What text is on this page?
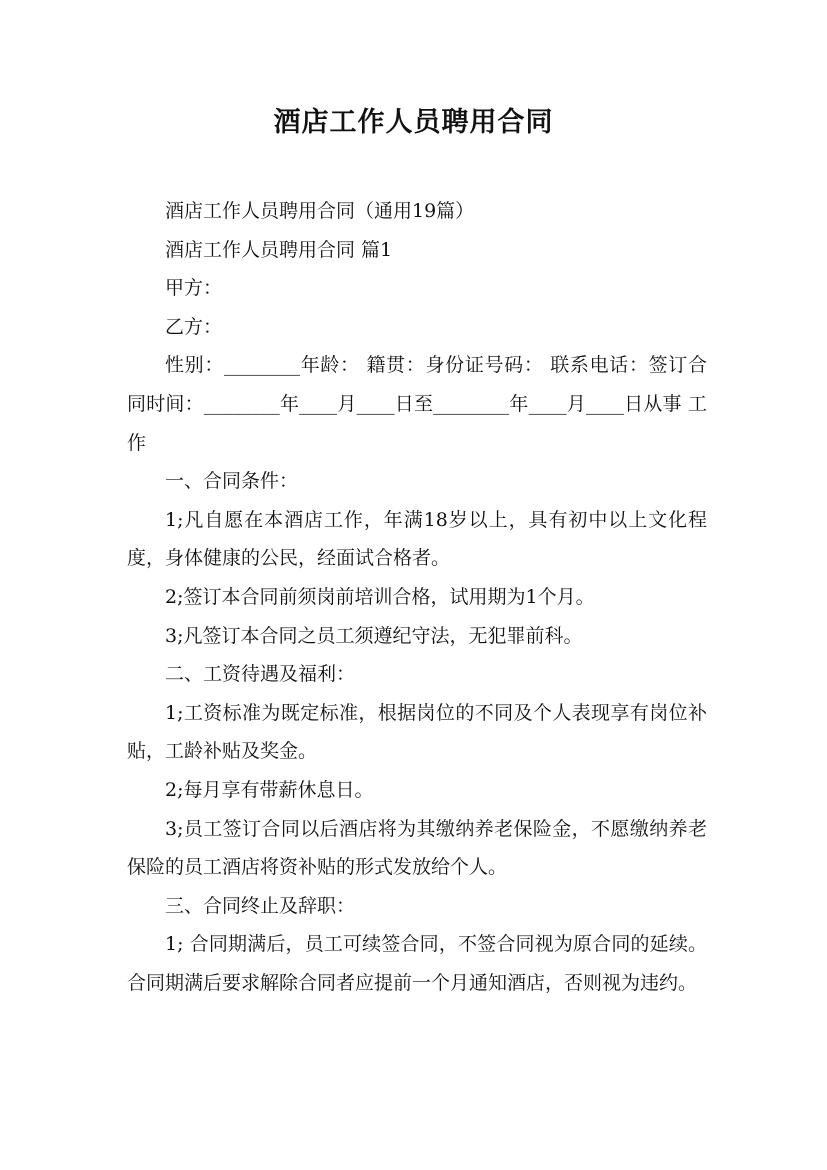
酒店工作人员聘用合同

酒店工作人员聘用合同（通用19篇）

酒店工作人员聘用合同 篇1

甲方：

乙方：

性别：________年龄： 籍贯：身份证号码： 联系电话：签订合同时间：________年____月____日至________年____月____日从事 工作

一、合同条件：

1;凡自愿在本酒店工作，年满18岁以上，具有初中以上文化程度，身体健康的公民，经面试合格者。

2;签订本合同前须岗前培训合格，试用期为1个月。

3;凡签订本合同之员工须遵纪守法，无犯罪前科。

二、工资待遇及福利：

1;工资标准为既定标准，根据岗位的不同及个人表现享有岗位补贴，工龄补贴及奖金。

2;每月享有带薪休息日。

3;员工签订合同以后酒店将为其缴纳养老保险金，不愿缴纳养老保险的员工酒店将资补贴的形式发放给个人。

三、合同终止及辞职：

1; 合同期满后，员工可续签合同，不签合同视为原合同的延续。合同期满后要求解除合同者应提前一个月通知酒店，否则视为违约。
